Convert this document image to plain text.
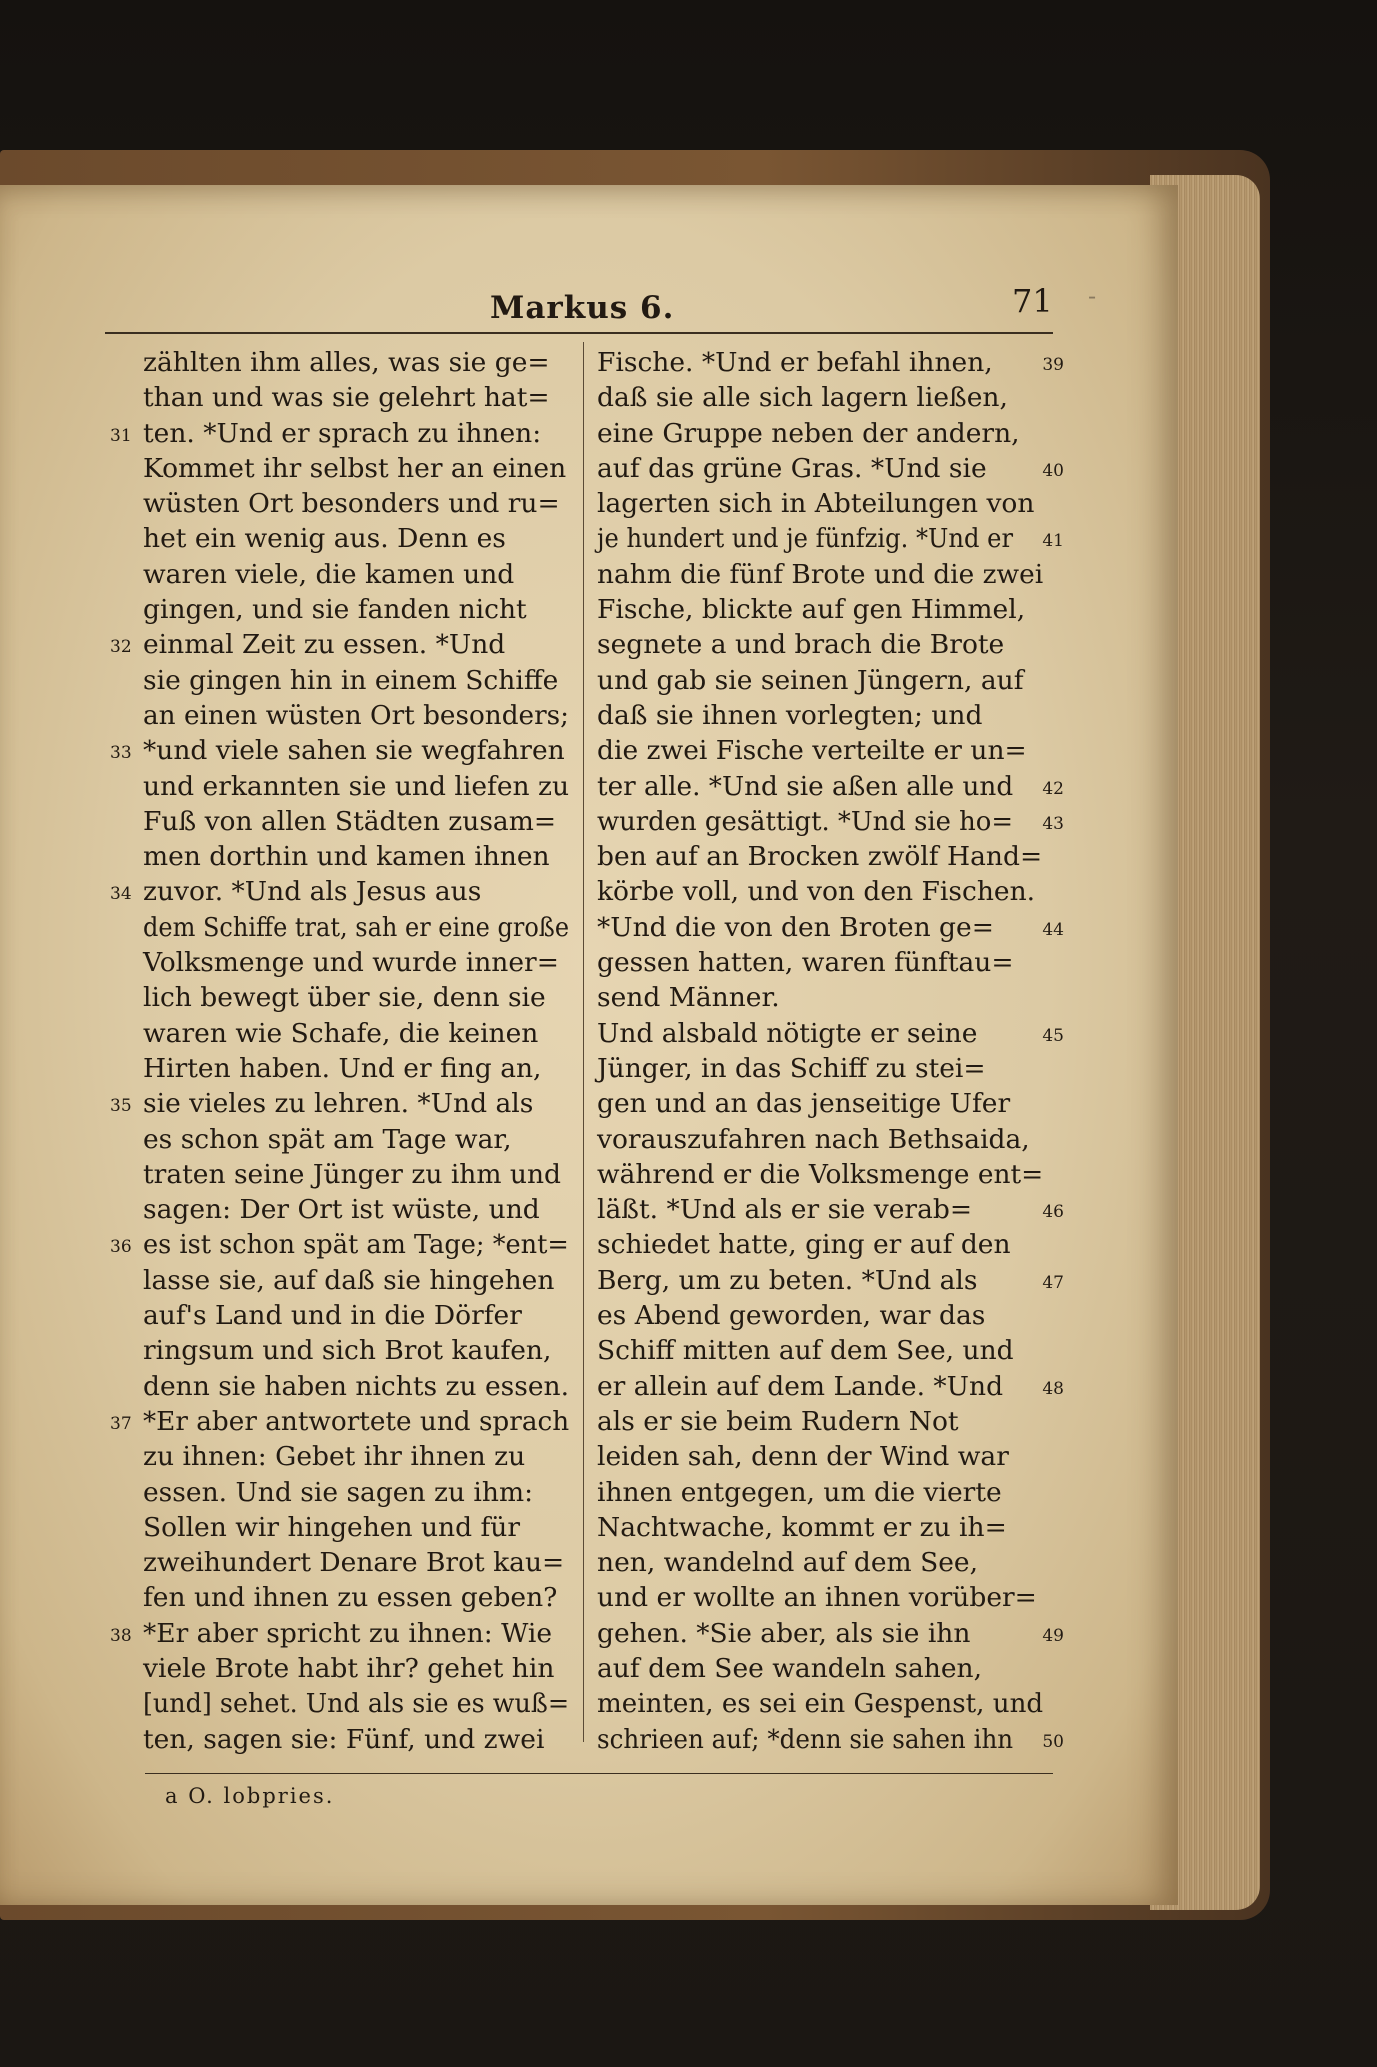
Markus 6.	71 -
zählten ihm alles, was sie ge=
than und was sie gelehrt hat=
31 ten. *Und er sprach zu ihnen:
Kommet ihr selbst her an einen
wüsten Ort besonders und ru=
het ein wenig aus. Denn es
waren viele, die kamen und
gingen, und sie fanden nicht
32 einmal Zeit zu essen. *Und
sie gingen hin in einem Schiffe
an einen wüsten Ort besonders;
33 *und viele sahen sie wegfahren
und erkannten sie und liefen zu
Fuß von allen Städten zusam=
men dorthin und kamen ihnen
34 zuvor. *Und als Jesus aus
dem Schiffe trat, sah er eine große
Volksmenge und wurde inner=
lich bewegt über sie, denn sie
waren wie Schafe, die keinen
Hirten haben. Und er fing an,
35 sie vieles zu lehren. *Und als
es schon spät am Tage war,
traten seine Jünger zu ihm und
sagen: Der Ort ist wüste, und
36 es ist schon spät am Tage; *ent=
lasse sie, auf daß sie hingehen
auf's Land und in die Dörfer
ringsum und sich Brot kaufen,
denn sie haben nichts zu essen.
37 *Er aber antwortete und sprach
zu ihnen: Gebet ihr ihnen zu
essen. Und sie sagen zu ihm:
Sollen wir hingehen und für
zweihundert Denare Brot kau=
fen und ihnen zu essen geben?
38 *Er aber spricht zu ihnen: Wie
viele Brote habt ihr? gehet hin
[und] sehet. Und als sie es wuß=
ten, sagen sie: Fünf, und zwei
39
Fische. *Und er befahl ihnen,
daß sie alle sich lagern ließen,
eine Gruppe neben der andern,
40
auf das grüne Gras. *Und sie
lagerten sich in Abteilungen von
41
je hundert und je fünfzig. *Und er
nahm die fünf Brote und die zwei
Fische, blickte auf gen Himmel,
segnete a und brach die Brote
und gab sie seinen Jüngern, auf
daß sie ihnen vorlegten; und
die zwei Fische verteilte er un=
42
ter alle. *Und sie aßen alle und
43
wurden gesättigt. *Und sie ho=
ben auf an Brocken zwölf Hand=
körbe voll, und von den Fischen.
44
*Und die von den Broten ge=
gessen hatten, waren fünftau=
send Männer.
45
Und alsbald nötigte er seine
Jünger, in das Schiff zu stei=
gen und an das jenseitige Ufer
vorauszufahren nach Bethsaida,
während er die Volksmenge ent=
46
läßt. *Und als er sie verab=
schiedet hatte, ging er auf den
47
Berg, um zu beten. *Und als
es Abend geworden, war das
Schiff mitten auf dem See, und
48
er allein auf dem Lande. *Und
als er sie beim Rudern Not
leiden sah, denn der Wind war
ihnen entgegen, um die vierte
Nachtwache, kommt er zu ih=
nen, wandelnd auf dem See,
und er wollte an ihnen vorüber=
49
gehen. *Sie aber, als sie ihn
auf dem See wandeln sahen,
meinten, es sei ein Gespenst, und
50
schrieen auf; *denn sie sahen ihn
a O. lobpries.
